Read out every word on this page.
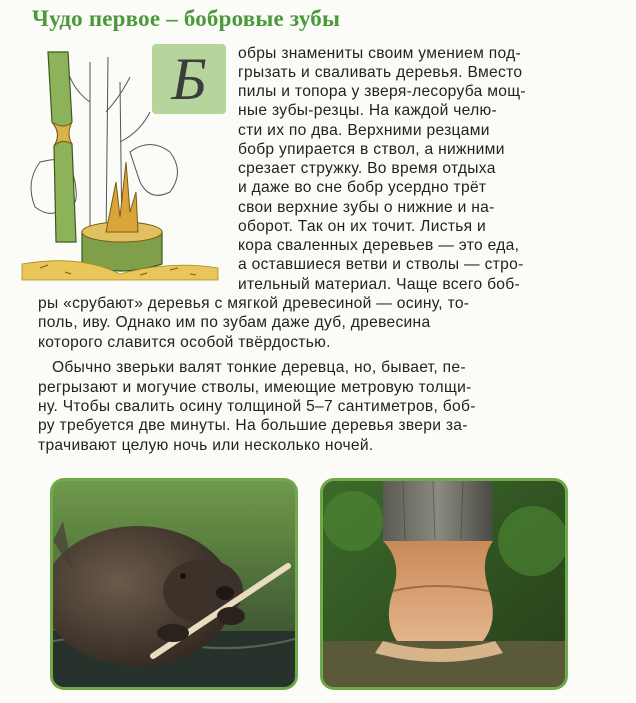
Чудо первое – бобровые зубы
Б	обры знамениты своим умением под-
грызать и сваливать деревья. Вместо
пилы и топора у зверя-лесоруба мощ-
ные зубы-резцы. На каждой челю-
сти их по два. Верхними резцами
бобр упирается в ствол, а нижними
срезает стружку. Во время отдыха
и даже во сне бобр усердно трёт
свои верхние зубы о нижние и на-
оборот. Так он их точит. Листья и
кора сваленных деревьев — это еда,
а оставшиеся ветви и стволы — стро-
ительный материал. Чаще всего боб-
ры «срубают» деревья с мягкой древесиной — осину, то-
поль, иву. Однако им по зубам даже дуб, древесина
которого славится особой твёрдостью.
Обычно зверьки валят тонкие деревца, но, бывает, пе-
регрызают и могучие стволы, имеющие метровую толщи-
ну. Чтобы свалить осину толщиной 5–7 сантиметров, боб-
ру требуется две минуты. На большие деревья звери за-
трачивают целую ночь или несколько ночей.
